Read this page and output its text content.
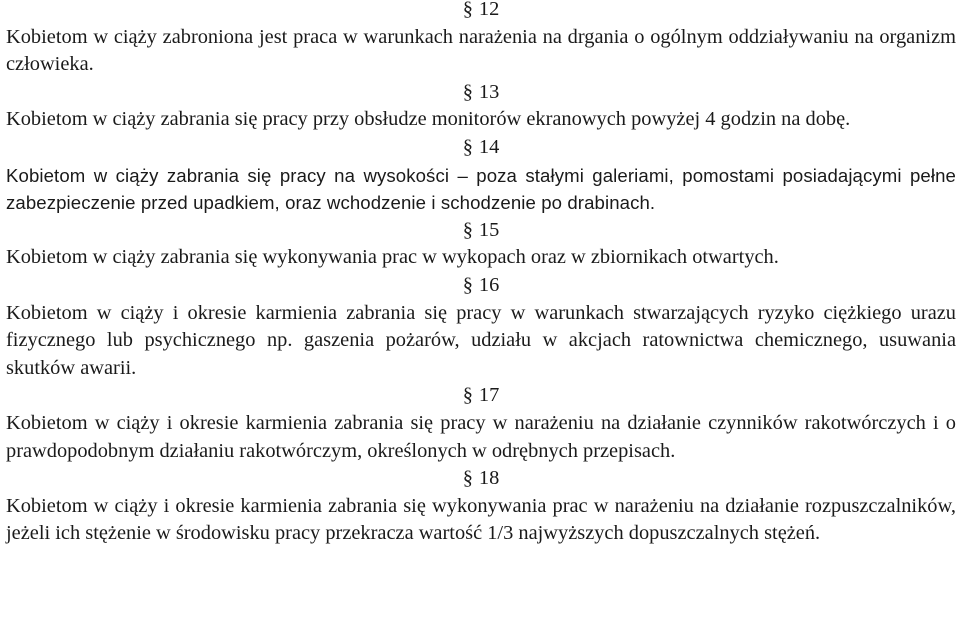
§ 12
Kobietom w ciąży zabroniona jest praca w warunkach narażenia na drgania o ogólnym oddziaływaniu na organizm człowieka.
§ 13
Kobietom w ciąży zabrania się pracy przy obsłudze monitorów ekranowych powyżej 4 godzin na dobę.
§ 14
Kobietom w ciąży zabrania się pracy na wysokości – poza stałymi galeriami, pomostami posiadającymi pełne zabezpieczenie przed upadkiem, oraz wchodzenie i schodzenie po drabinach.
§ 15
Kobietom w ciąży zabrania się wykonywania prac w wykopach oraz w zbiornikach otwartych.
§ 16
Kobietom w ciąży i okresie karmienia zabrania się pracy w warunkach stwarzających ryzyko ciężkiego urazu fizycznego lub psychicznego np. gaszenia pożarów, udziału w akcjach ratownictwa chemicznego, usuwania skutków awarii.
§ 17
Kobietom w ciąży i okresie karmienia zabrania się pracy w narażeniu na działanie czynników rakotwórczych i o prawdopodobnym działaniu rakotwórczym, określonych w odrębnych przepisach.
§ 18
Kobietom w ciąży i okresie karmienia zabrania się wykonywania prac w narażeniu na działanie rozpuszczalników, jeżeli ich stężenie w środowisku pracy przekracza wartość 1/3 najwyższych dopuszczalnych stężeń.
